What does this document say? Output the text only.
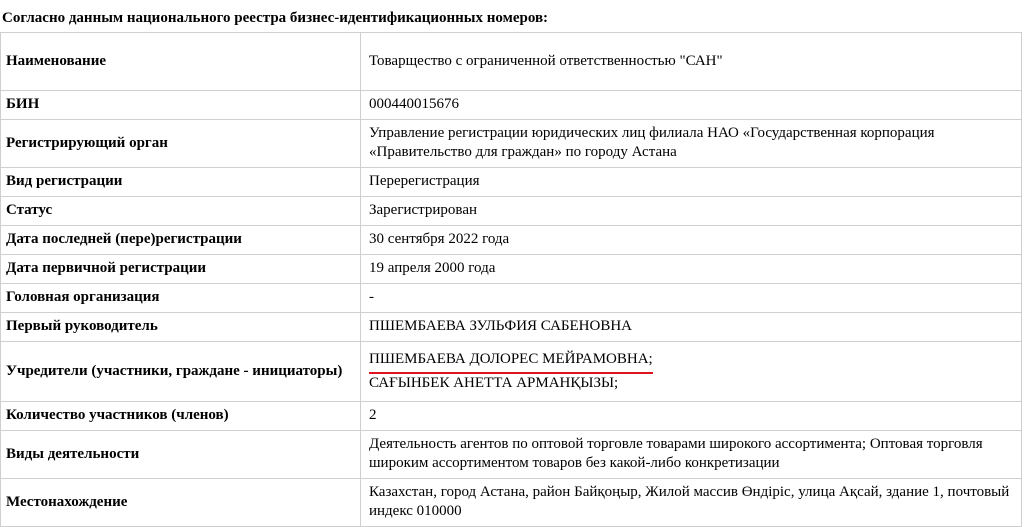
Согласно данным национального реестра бизнес-идентификационных номеров:
Наименование	Товарщество с ограниченной ответственностью "САН"
БИН	000440015676
Регистрирующий орган	Управление регистрации юридических лиц филиала НАО «Государственная корпорация «Правительство для граждан» по городу Астана
Вид регистрации	Перерегистрация
Статус	Зарегистрирован
Дата последней (пере)регистрации	30 сентября 2022 года
Дата первичной регистрации	19 апреля 2000 года
Головная организация	-
Первый руководитель	ПШЕМБАЕВА ЗУЛЬФИЯ САБЕНОВНА
Учредители (участники, граждане - инициаторы)	ПШЕМБАЕВА ДОЛОРЕС МЕЙРАМОВНА;
САҒЫНБЕК АНЕТТА АРМАНҚЫЗЫ;

Количество участников (членов)	2
Виды деятельности	Деятельность агентов по оптовой торговле товарами широкого ассортимента; Оптовая торговля широким ассортиментом товаров без какой-либо конкретизации
Местонахождение	Казахстан, город Астана, район Байқоңыр, Жилой массив Өндіріс, улица Ақсай, здание 1, почтовый индекс 010000
